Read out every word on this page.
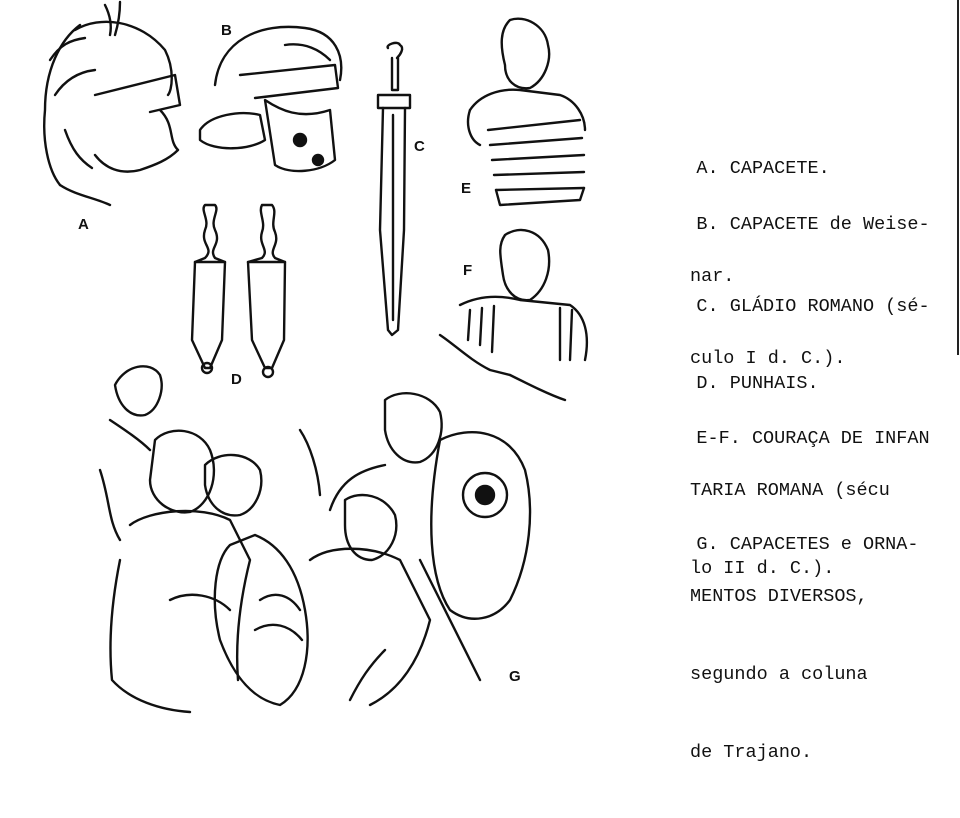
A
B
C
D
E
F
G

A. CAPACETE.

B. CAPACETE de Weise-

nar.

C. GLÁDIO ROMANO (sé-

culo I d. C.).

D. PUNHAIS.

E-F. COURAÇA DE INFAN

TARIA ROMANA (sécu

lo II d. C.).

G. CAPACETES e ORNA-

MENTOS DIVERSOS,

segundo a coluna

de Trajano.
